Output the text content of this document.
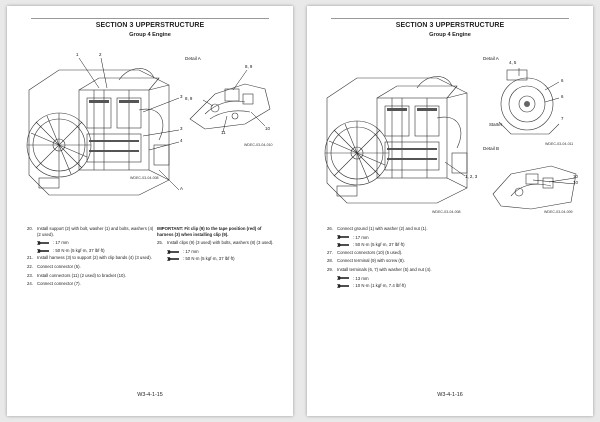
SECTION 3 UPPERSTRUCTURE
Group 4 Engine
1	2
3
3
4
A
WDEC-03-04-008
Detail A
8, 9
8, 9
10
11
WDEC-03-04-010
20. Install support (2) with bolt, washer (1) and bolts, washers (4) (2 used).
: 17 mm
: 50 N·m (5 kgf·m, 37 lbf·ft)
21. Install harness (3) to support (2) with clip bands (4) (3 used).
22. Connect connector (5).
23. Install connectors (11) (2 used) to bracket (10).
24. Connect connector (7).
IMPORTANT: Fit clip (9) to the tape position (red) of harness (3) when installing clip (9).
25. Install clips (9) (3 used) with bolts, washers (8) (3 used).
: 17 mm
: 50 N·m (5 kgf·m, 37 lbf·ft)
W3-4-1-15
SECTION 3 UPPERSTRUCTURE
Group 4 Engine
1, 2, 3
WDEC-03-04-008
Detail A
4, 5
6
6
7
Starter
WDEC-03-04-011
Detail B
10
10
WDEC-03-04-009
26. Connect ground (1) with washer (2) and nut (1).
: 17 mm
: 50 N·m (5 kgf·m, 37 lbf·ft)
27. Connect connectors (10) (5 used).
28. Connect terminal (9) with screw (8).
29. Install terminals (6, 7) with washer (5) and nut (4).
: 13 mm
: 10 N·m (1 kgf·m, 7.4 lbf·ft)
W3-4-1-16
